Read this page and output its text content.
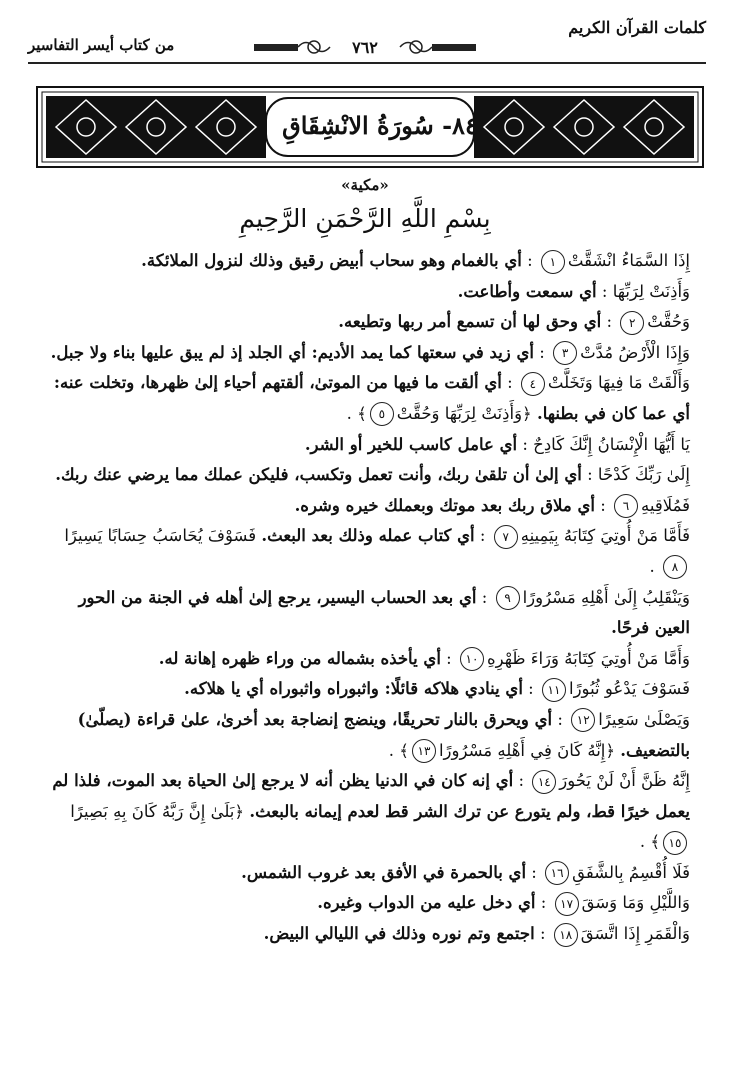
كلمات القرآن الكريم
من كتاب أيسر التفاسير	٧٦٢
٨٤- سُورَةُ الانْشِقَاقِ
«مكية»
بِسْمِ اللَّهِ الرَّحْمَنِ الرَّحِيمِ

إِذَا السَّمَاءُ انْشَقَّتْ١ : أي بالغمام وهو سحاب أبيض رقيق وذلك لنزول الملائكة.

وَأَذِنَتْ لِرَبِّهَا : أي سمعت وأطاعت.

وَحُقَّتْ٢ : أي وحق لها أن تسمع أمر ربها وتطيعه.

وَإِذَا الْأَرْضُ مُدَّتْ٣ : أي زيد في سعتها كما يمد الأديم: أي الجلد إذ لم يبق عليها بناء ولا جبل.

وَأَلْقَتْ مَا فِيهَا وَتَخَلَّتْ٤ : أي ألقت ما فيها من الموتىٰ، ألقتهم أحياء إلىٰ ظهرها، وتخلت عنه: أي عما كان في بطنها. ﴿وَأَذِنَتْ لِرَبِّهَا وَحُقَّتْ٥﴾ .

يَا أَيُّهَا الْإِنْسَانُ إِنَّكَ كَادِحٌ : أي عامل كاسب للخير أو الشر.

إِلَىٰ رَبِّكَ كَدْحًا : أي إلىٰ أن تلقىٰ ربك، وأنت تعمل وتكسب، فليكن عملك مما يرضي عنك ربك.

فَمُلَاقِيهِ٦ : أي ملاق ربك بعد موتك وبعملك خيره وشره.

فَأَمَّا مَنْ أُوتِيَ كِتَابَهُ بِيَمِينِهِ٧ : أي كتاب عمله وذلك بعد البعث. فَسَوْفَ يُحَاسَبُ حِسَابًا يَسِيرًا٨ .

وَيَنْقَلِبُ إِلَىٰ أَهْلِهِ مَسْرُورًا٩ : أي بعد الحساب اليسير، يرجع إلىٰ أهله في الجنة من الحور العين فرحًا.

وَأَمَّا مَنْ أُوتِيَ كِتَابَهُ وَرَاءَ ظَهْرِهِ١٠ : أي يأخذه بشماله من وراء ظهره إهانة له.

فَسَوْفَ يَدْعُو ثُبُورًا١١ : أي ينادي هلاكه قائلًا: واثبوراه واثبوراه أي يا هلاكه.

وَيَصْلَىٰ سَعِيرًا١٢ : أي ويحرق بالنار تحريقًا، وينضج إنضاجة بعد أخرىٰ، علىٰ قراءة (يصلّىٰ) بالتضعيف. ﴿إِنَّهُ كَانَ فِي أَهْلِهِ مَسْرُورًا١٣﴾ .

إِنَّهُ ظَنَّ أَنْ لَنْ يَحُورَ١٤ : أي إنه كان في الدنيا يظن أنه لا يرجع إلىٰ الحياة بعد الموت، فلذا لم يعمل خيرًا قط، ولم يتورع عن ترك الشر قط لعدم إيمانه بالبعث. ﴿بَلَىٰ إِنَّ رَبَّهُ كَانَ بِهِ بَصِيرًا١٥﴾ .

فَلَا أُقْسِمُ بِالشَّفَقِ١٦ : أي بالحمرة في الأفق بعد غروب الشمس.

وَاللَّيْلِ وَمَا وَسَقَ١٧ : أي دخل عليه من الدواب وغيره.

وَالْقَمَرِ إِذَا اتَّسَقَ١٨ : اجتمع وتم نوره وذلك في الليالي البيض.
